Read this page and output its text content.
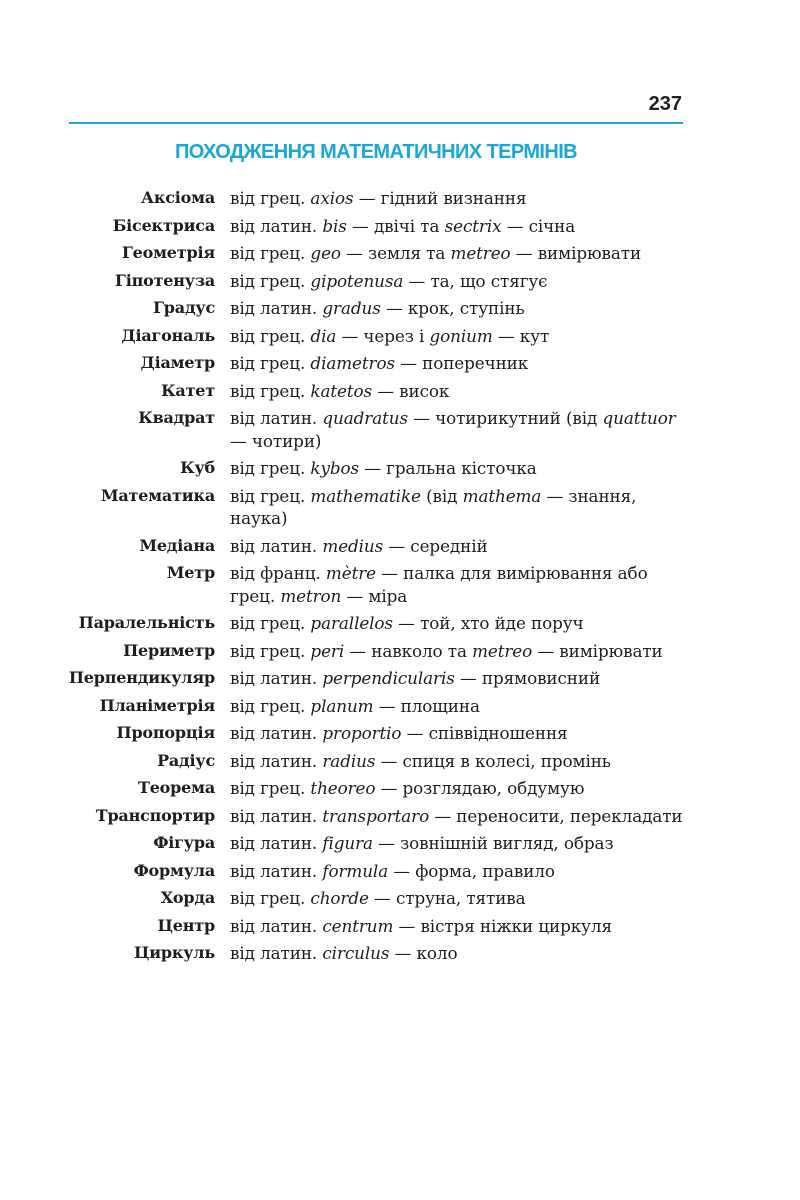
237
ПОХОДЖЕННЯ МАТЕМАТИЧНИХ ТЕРМІНІВ
Аксіома від грец. axios — гідний визнання
Бісектриса від латин. bis — двічі та sectrix — січна
Геометрія від грец. geo — земля та metreo — вимірювати
Гіпотенуза від грец. gipotenusa — та, що стягує
Градус від латин. gradus — крок, ступінь
Діагональ від грец. dia — через і gonium — кут
Діаметр від грец. diametros — поперечник
Катет від грец. katetos — висок
Квадрат від латин. quadratus — чотирикутний (від quattuor — чотири)
Куб від грец. kybos — гральна кісточка
Математика від грец. mathematike (від mathema — знання, наука)
Медіана від латин. medius — середній
Метр від франц. mètre — палка для вимірювання або грец. metron — міра
Паралельність від грец. parallelos — той, хто йде поруч
Периметр від грец. peri — навколо та metreo — вимірювати
Перпендикуляр від латин. perpendicularis — прямовисний
Планіметрія від грец. planum — площина
Пропорція від латин. proportio — співвідношення
Радіус від латин. radius — спиця в колесі, промінь
Теорема від грец. theoreo — розглядаю, обдумую
Транспортир від латин. transportaro — переносити, перекладати
Фігура від латин. figura — зовнішній вигляд, образ
Формула від латин. formula — форма, правило
Хорда від грец. chorde — струна, тятива
Центр від латин. centrum — вістря ніжки циркуля
Циркуль від латин. circulus — коло
